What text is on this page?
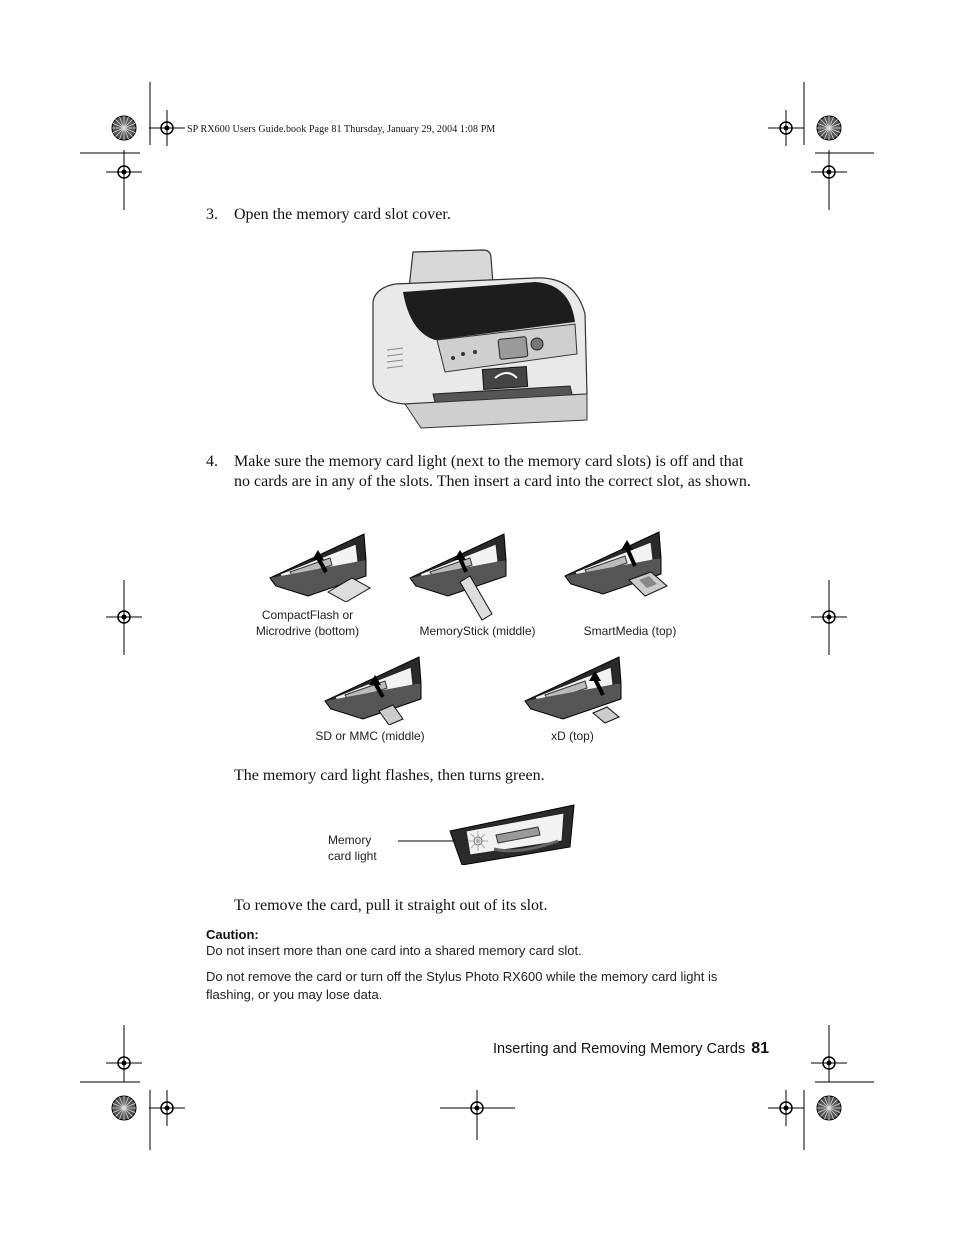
SP RX600 Users Guide.book Page 81 Thursday, January 29, 2004 1:08 PM
3. Open the memory card slot cover.
4. Make sure the memory card light (next to the memory card slots) is off and that no cards are in any of the slots. Then insert a card into the correct slot, as shown.
CompactFlash or
Microdrive (bottom)	MemoryStick (middle)	SmartMedia (top)
SD or MMC (middle)	xD (top)
The memory card light flashes, then turns green.
Memory
card light
To remove the card, pull it straight out of its slot.
Caution:
Do not insert more than one card into a shared memory card slot.
Do not remove the card or turn off the Stylus Photo RX600 while the memory card light is flashing, or you may lose data.
Inserting and Removing Memory Cards 81
